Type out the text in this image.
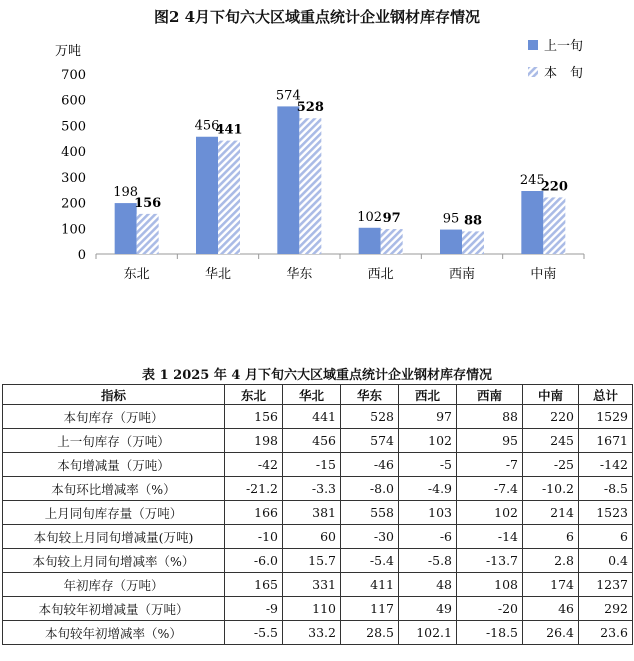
图2 4月下旬六大区域重点统计企业钢材库存情况
万吨
0
100
200
300
400
500
600
700
198
156
东北
456
441
华北
574
528
华东
102 97
西北
95 88
西南
245
220
中南
上一旬
本　旬
表 1 2025 年 4 月下旬六大区域重点统计企业钢材库存情况
指标	东北	华北	华东	西北	西南	中南	总计
本旬库存（万吨）	156	441	528	97	88	220	1529
上一旬库存（万吨）	198	456	574	102	95	245	1671
本旬增减量（万吨）	-42	-15	-46	-5	-7	-25	-142
本旬环比增减率（%）	-21.2	-3.3	-8.0	-4.9	-7.4	-10.2	-8.5
上月同旬库存量（万吨）	166	381	558	103	102	214	1523
本旬较上月同旬增减量(万吨)	-10	60	-30	-6	-14	6	6
本旬较上月同旬增减率（%）	-6.0	15.7	-5.4	-5.8	-13.7	2.8	0.4
年初库存（万吨）	165	331	411	48	108	174	1237
本旬较年初增减量（万吨）	-9	110	117	49	-20	46	292
本旬较年初增减率（%）	-5.5	33.2	28.5	102.1	-18.5	26.4	23.6
